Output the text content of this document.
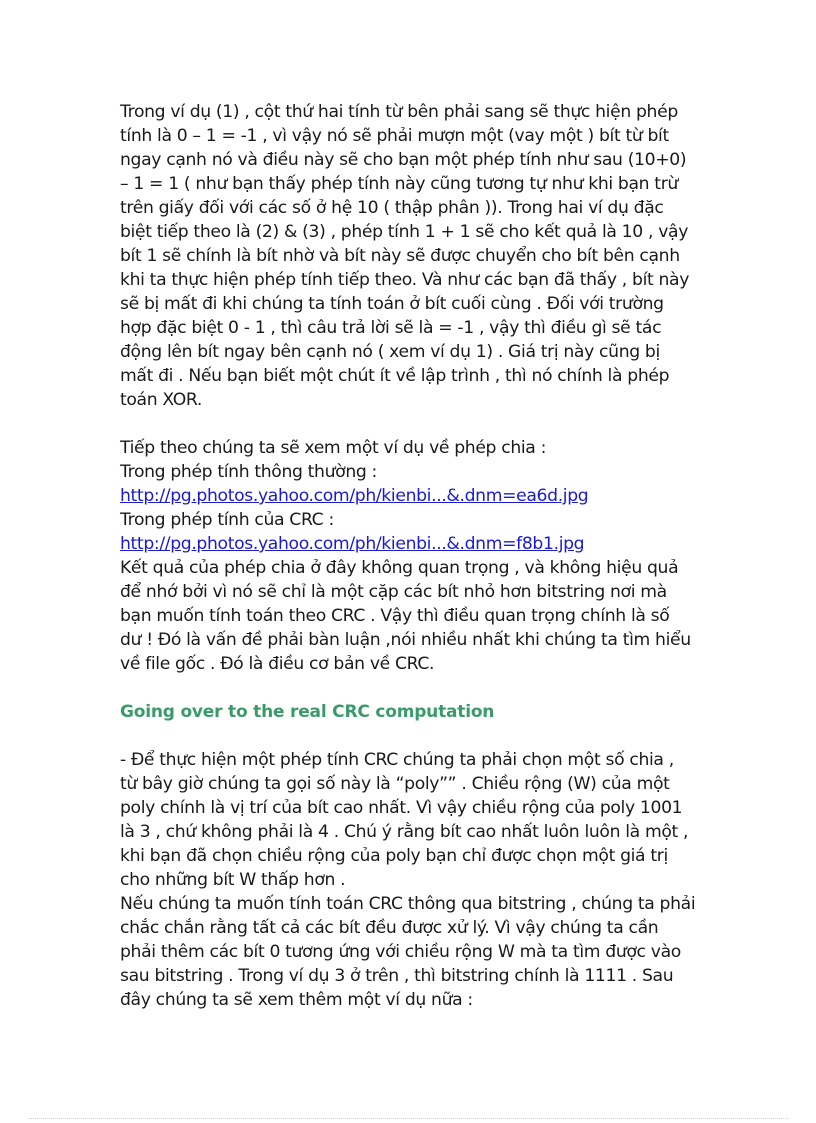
Trong ví dụ (1) , cột thứ hai tính từ bên phải sang sẽ thực hiện phép
tính là 0 – 1 = -1 , vì vậy nó sẽ phải mượn một (vay một ) bít từ bít
ngay cạnh nó và điều này sẽ cho bạn một phép tính như sau (10+0)
– 1 = 1 ( như bạn thấy phép tính này cũng tương tự như khi bạn trừ
trên giấy đối với các số ở hệ 10 ( thập phân )). Trong hai ví dụ đặc
biệt tiếp theo là (2) & (3) , phép tính 1 + 1 sẽ cho kết quả là 10 , vậy
bít 1 sẽ chính là bít nhờ và bít này sẽ được chuyển cho bít bên cạnh
khi ta thực hiện phép tính tiếp theo. Và như các bạn đã thấy , bít này
sẽ bị mất đi khi chúng ta tính toán ở bít cuối cùng . Đối với trường
hợp đặc biệt 0 - 1 , thì câu trả lời sẽ là = -1 , vậy thì điều gì sẽ tác
động lên bít ngay bên cạnh nó ( xem ví dụ 1) . Giá trị này cũng bị
mất đi . Nếu bạn biết một chút ít về lập trình , thì nó chính là phép
toán XOR.
Tiếp theo chúng ta sẽ xem một ví dụ về phép chia :
Trong phép tính thông thường :
http://pg.photos.yahoo.com/ph/kienbi...&.dnm=ea6d.jpg
Trong phép tính của CRC :
http://pg.photos.yahoo.com/ph/kienbi...&.dnm=f8b1.jpg
Kết quả của phép chia ở đây không quan trọng , và không hiệu quả
để nhớ bởi vì nó sẽ chỉ là một cặp các bít nhỏ hơn bitstring nơi mà
bạn muốn tính toán theo CRC . Vậy thì điều quan trọng chính là số
dư ! Đó là vấn đề phải bàn luận ,nói nhiều nhất khi chúng ta tìm hiểu
về file gốc . Đó là điều cơ bản về CRC.
Going over to the real CRC computation
- Để thực hiện một phép tính CRC chúng ta phải chọn một số chia ,
từ bây giờ chúng ta gọi số này là “poly”” . Chiều rộng (W) của một
poly chính là vị trí của bít cao nhất. Vì vậy chiều rộng của poly 1001
là 3 , chứ không phải là 4 . Chú ý rằng bít cao nhất luôn luôn là một ,
khi bạn đã chọn chiều rộng của poly bạn chỉ được chọn một giá trị
cho những bít W thấp hơn .
Nếu chúng ta muốn tính toán CRC thông qua bitstring , chúng ta phải
chắc chắn rằng tất cả các bít đều được xử lý. Vì vậy chúng ta cần
phải thêm các bít 0 tương ứng với chiều rộng W mà ta tìm được vào
sau bitstring . Trong ví dụ 3 ở trên , thì bitstring chính là 1111 . Sau
đây chúng ta sẽ xem thêm một ví dụ nữa :
